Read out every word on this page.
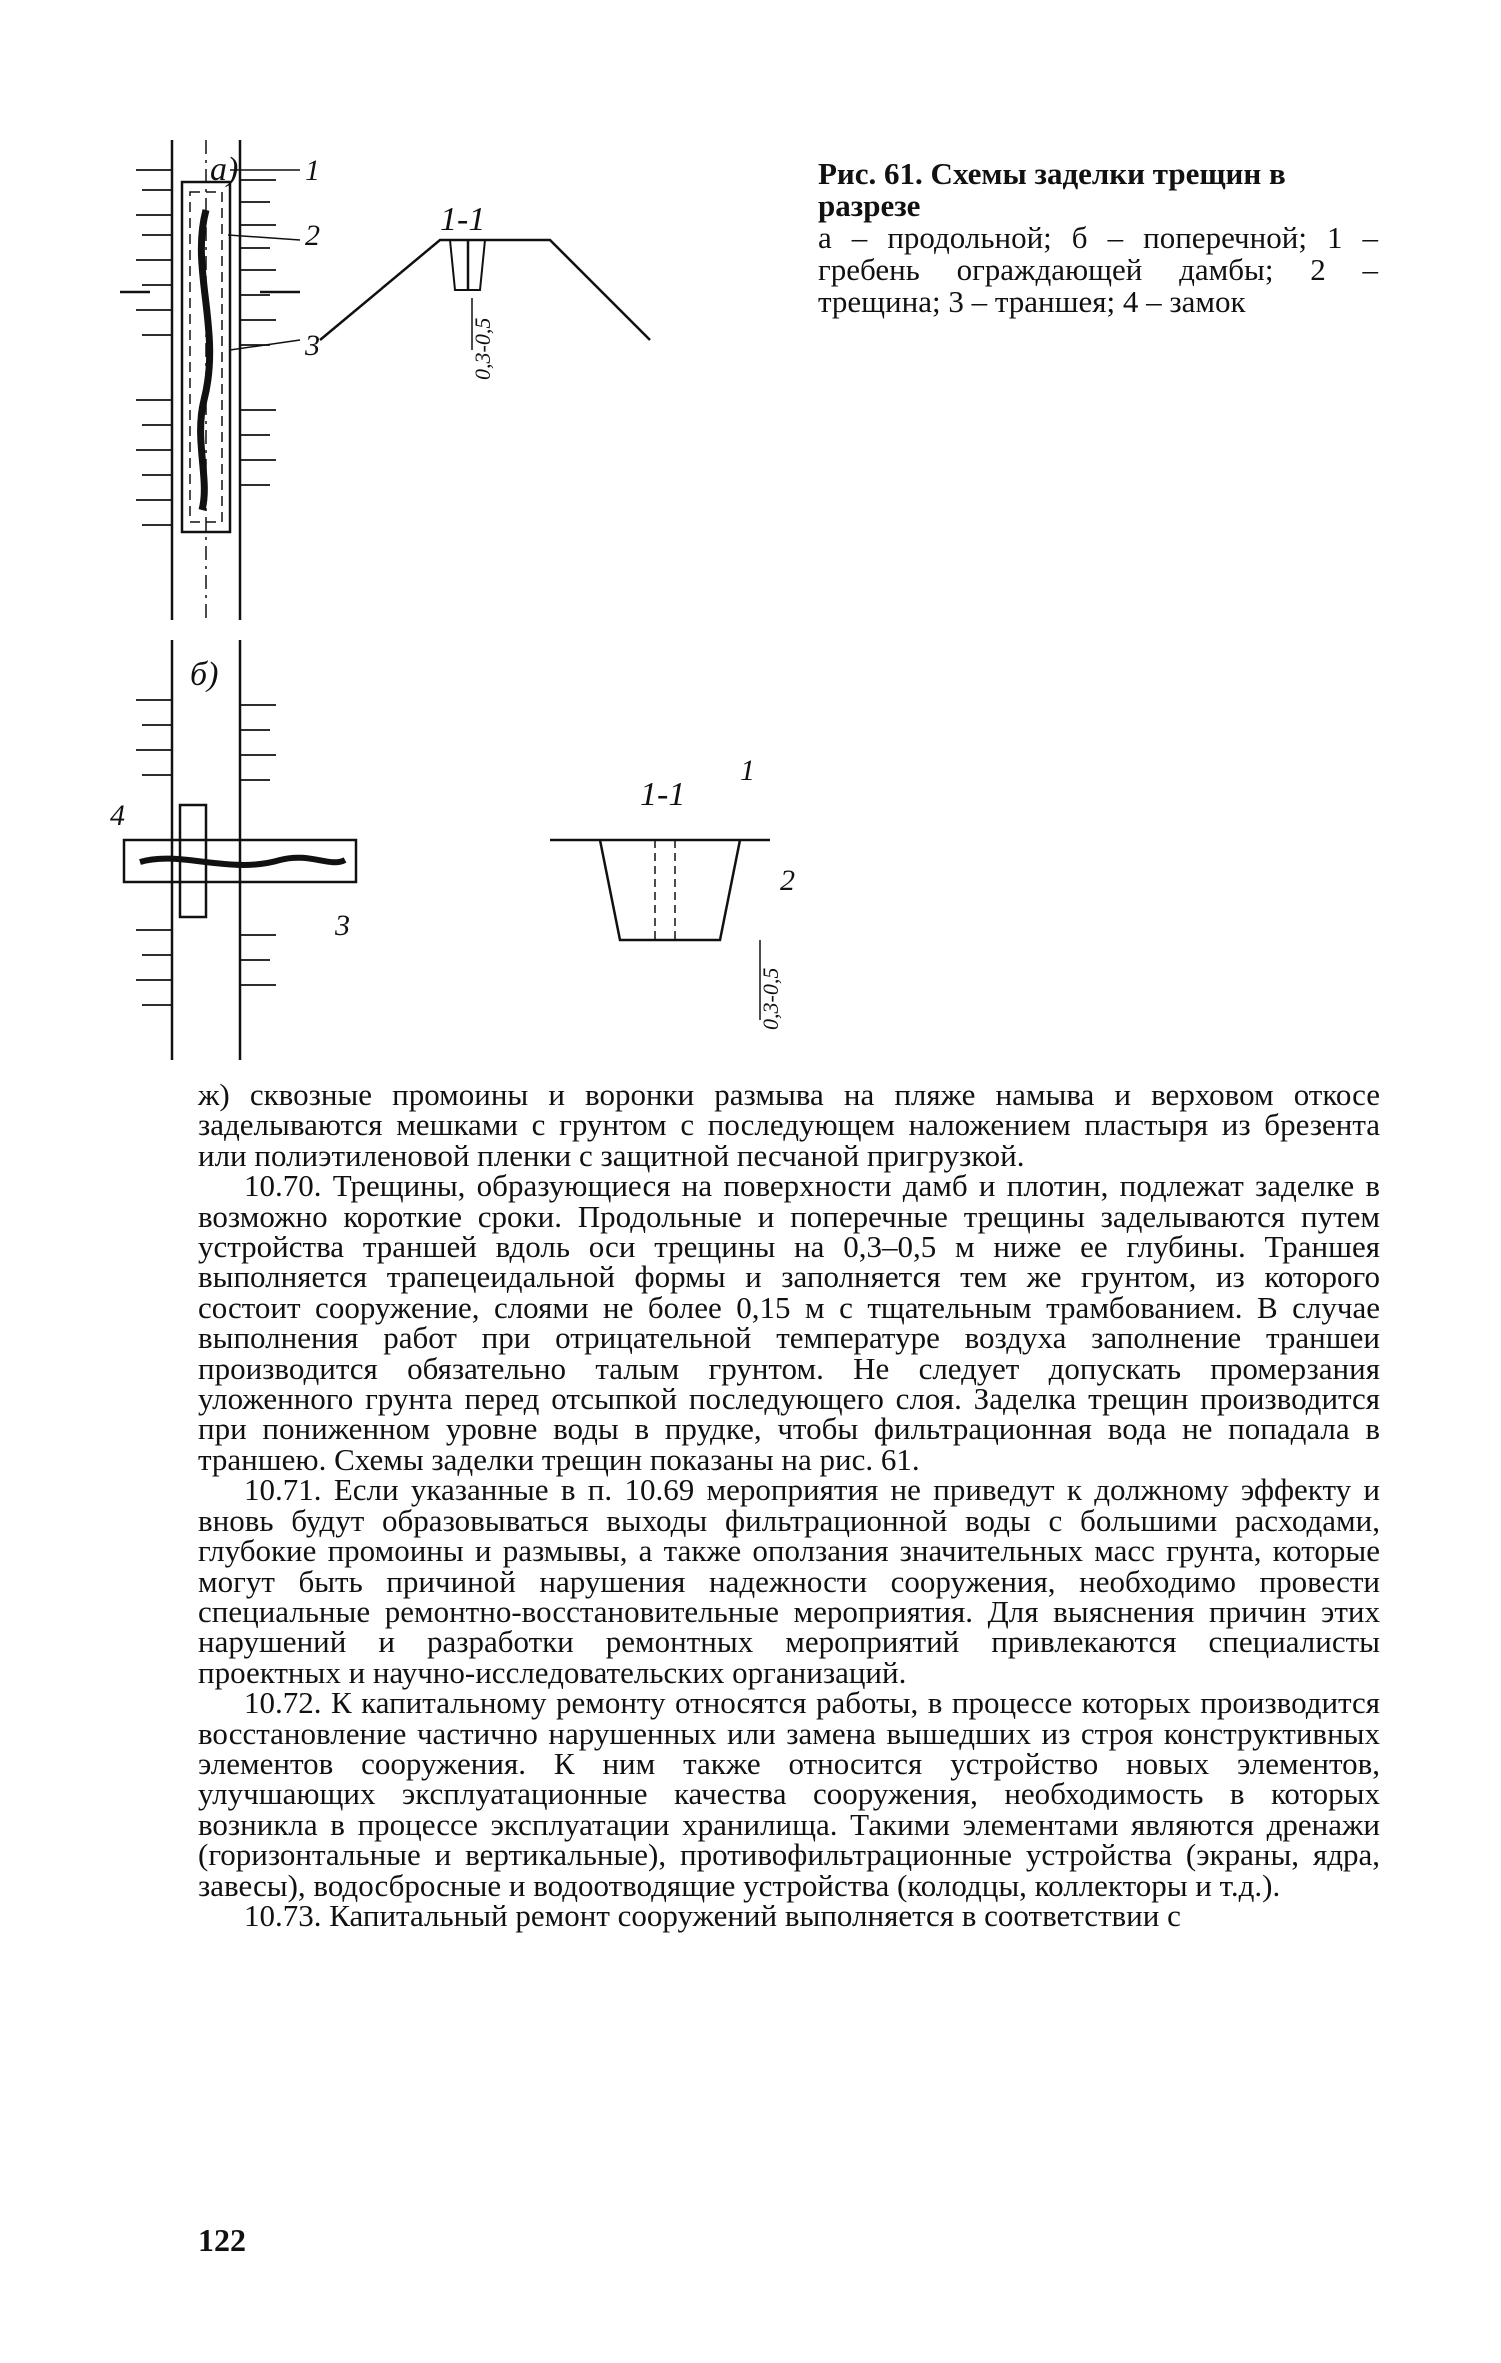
а)
б)
1-1
1-1
1
2
3
1
2
3
4
0,3-0,5
0,3-0,5
Рис. 61. Схемы заделки трещин в разрезе
а – продольной; б – поперечной; 1 – гребень ограждающей дамбы; 2 – трещина; 3 – траншея; 4 – замок

ж) сквозные промоины и воронки размыва на пляже намыва и верховом откосе заделываются мешками с грунтом с последующем наложением пластыря из брезента или полиэтиленовой пленки с защитной песчаной пригрузкой.

10.70. Трещины, образующиеся на поверхности дамб и плотин, подлежат заделке в возможно короткие сроки. Продольные и поперечные трещины заделываются путем устройства траншей вдоль оси трещины на 0,3–0,5 м ниже ее глубины. Траншея выполняется трапецеидальной формы и заполняется тем же грунтом, из которого состоит сооружение, слоями не более 0,15 м с тщательным трамбованием. В случае выполнения работ при отрицательной температуре воздуха заполнение траншеи производится обязательно талым грунтом. Не следует допускать промерзания уложенного грунта перед отсыпкой последующего слоя. Заделка трещин производится при пониженном уровне воды в прудке, чтобы фильтрационная вода не попадала в траншею. Схемы заделки трещин показаны на рис. 61.

10.71. Если указанные в п. 10.69 мероприятия не приведут к должному эффекту и вновь будут образовываться выходы фильтрационной воды с большими расходами, глубокие промоины и размывы, а также оползания значительных масс грунта, которые могут быть причиной нарушения надежности сооружения, необходимо провести специальные ремонтно-восстановительные мероприятия. Для выяснения причин этих нарушений и разработки ремонтных мероприятий привлекаются специалисты проектных и научно-исследовательских организаций.

10.72. К капитальному ремонту относятся работы, в процессе которых производится восстановление частично нарушенных или замена вышедших из строя конструктивных элементов сооружения. К ним также относится устройство новых элементов, улучшающих эксплуатационные качества сооружения, необходимость в которых возникла в процессе эксплуатации хранилища. Такими элементами являются дренажи (горизонтальные и вертикальные), противофильтрационные устройства (экраны, ядра, завесы), водосбросные и водоотводящие устройства (колодцы, коллекторы и т.д.).

10.73. Капитальный ремонт сооружений выполняется в соответствии с

122
